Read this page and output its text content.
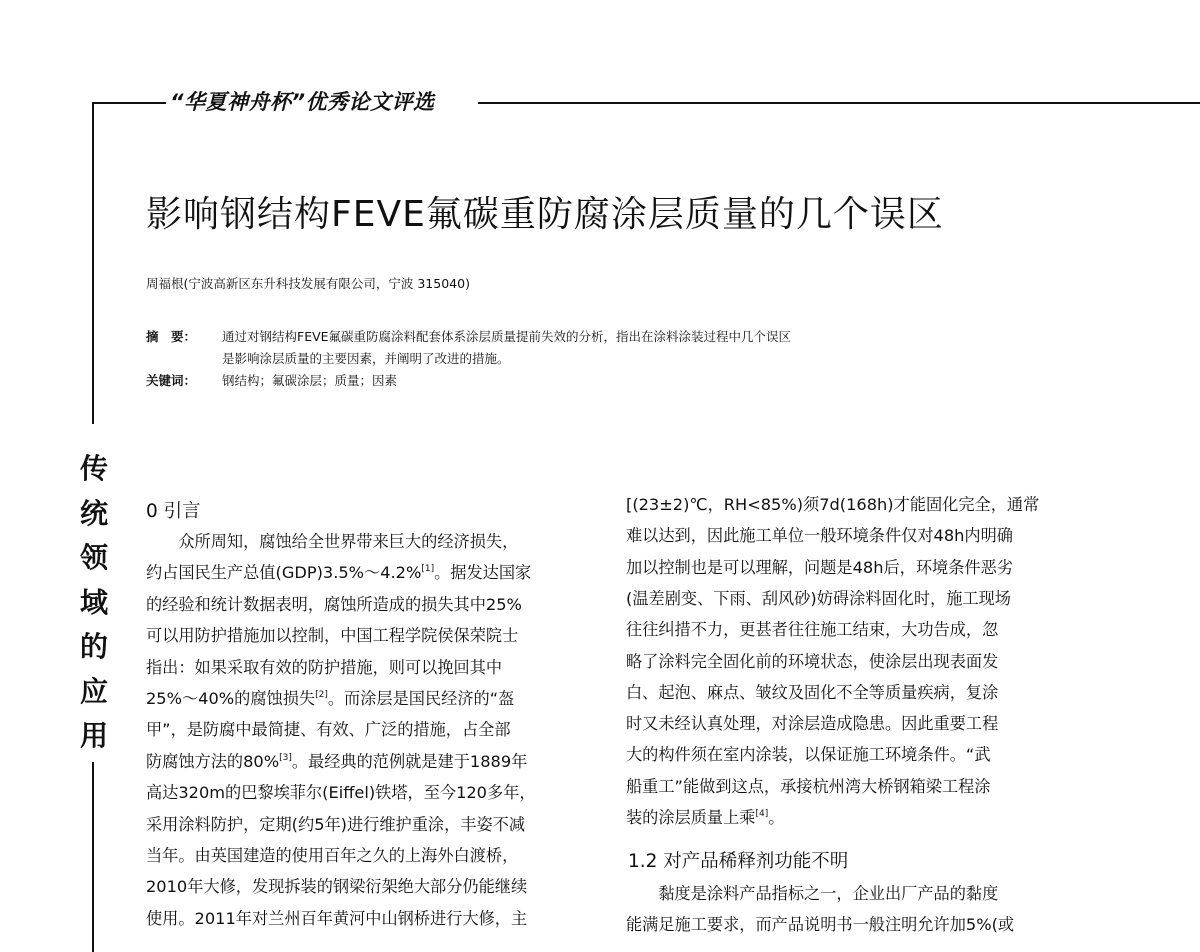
“华夏神舟杯”优秀论文评选
传
统
领
域
的
应
用
影响钢结构FEVE氟碳重防腐涂层质量的几个误区
周福根(宁波高新区东升科技发展有限公司，宁波 315040)
摘　要： 通过对钢结构FEVE氟碳重防腐涂料配套体系涂层质量提前失效的分析，指出在涂料涂装过程中几个误区
是影响涂层质量的主要因素，并阐明了改进的措施。
关键词： 钢结构；氟碳涂层；质量；因素
0 引言
　　众所周知，腐蚀给全世界带来巨大的经济损失，
约占国民生产总值(GDP)3.5%～4.2%[1]。据发达国家
的经验和统计数据表明，腐蚀所造成的损失其中25%
可以用防护措施加以控制，中国工程学院侯保荣院士
指出：如果采取有效的防护措施，则可以挽回其中
25%～40%的腐蚀损失[2]。而涂层是国民经济的“盔
甲”，是防腐中最简捷、有效、广泛的措施，占全部
防腐蚀方法的80%[3]。最经典的范例就是建于1889年
高达320m的巴黎埃菲尔(Eiffel)铁塔，至今120多年，
采用涂料防护，定期(约5年)进行维护重涂，丰姿不减
当年。由英国建造的使用百年之久的上海外白渡桥，
2010年大修，发现拆装的钢梁衍架绝大部分仍能继续
使用。2011年对兰州百年黄河中山钢桥进行大修，主
[(23±2)℃，RH<85%)须7d(168h)才能固化完全，通常
难以达到，因此施工单位一般环境条件仅对48h内明确
加以控制也是可以理解，问题是48h后，环境条件恶劣
(温差剧变、下雨、刮风砂)妨碍涂料固化时，施工现场
往往纠措不力，更甚者往往施工结束，大功告成，忽
略了涂料完全固化前的环境状态，使涂层出现表面发
白、起泡、麻点、皱纹及固化不全等质量疾病，复涂
时又未经认真处理，对涂层造成隐患。因此重要工程
大的构件须在室内涂装，以保证施工环境条件。“武
船重工”能做到这点，承接杭州湾大桥钢箱梁工程涂
装的涂层质量上乘[4]。
　　黏度是涂料产品指标之一，企业出厂产品的黏度
能满足施工要求，而产品说明书一般注明允许加5%(或
1.2 对产品稀释剂功能不明
